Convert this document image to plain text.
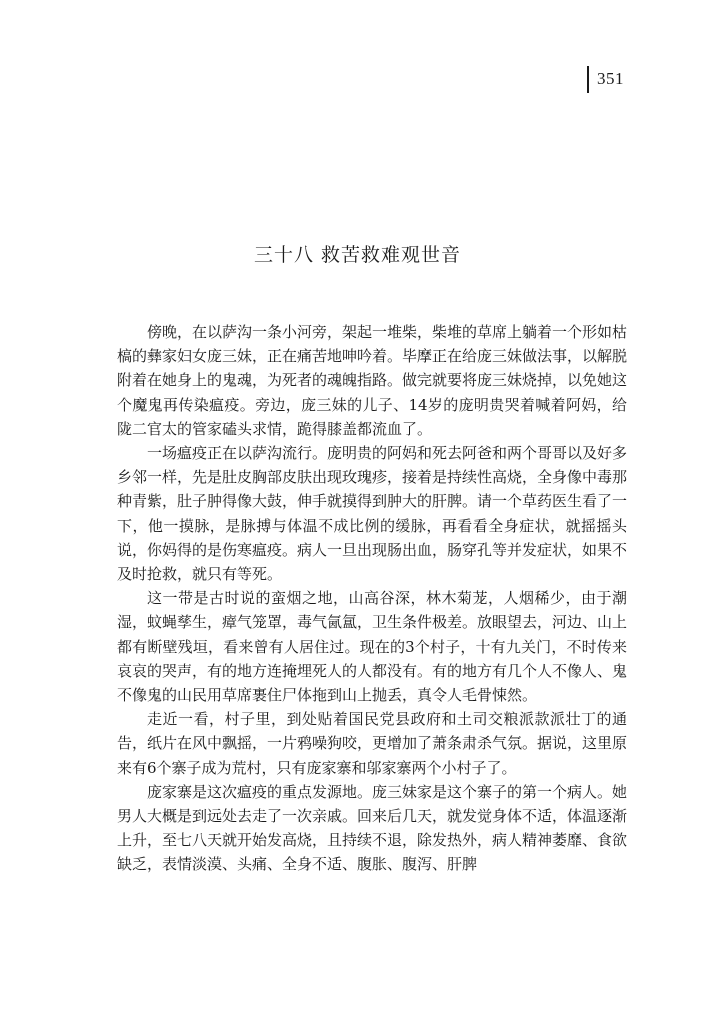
351
三十八 救苦救难观世音

傍晚，在以萨沟一条小河旁，架起一堆柴，柴堆的草席上躺着一个形如枯槁的彝家妇女庞三妹，正在痛苦地呻吟着。毕摩正在给庞三妹做法事，以解脱附着在她身上的鬼魂，为死者的魂魄指路。做完就要将庞三妹烧掉，以免她这个魔鬼再传染瘟疫。旁边，庞三妹的儿子、14岁的庞明贵哭着喊着阿妈，给陇二官太的管家磕头求情，跪得膝盖都流血了。

一场瘟疫正在以萨沟流行。庞明贵的阿妈和死去阿爸和两个哥哥以及好多乡邻一样，先是肚皮胸部皮肤出现玫瑰疹，接着是持续性高烧，全身像中毒那种青紫，肚子肿得像大鼓，伸手就摸得到肿大的肝脾。请一个草药医生看了一下，他一摸脉，是脉搏与体温不成比例的缓脉，再看看全身症状，就摇摇头说，你妈得的是伤寒瘟疫。病人一旦出现肠出血，肠穿孔等并发症状，如果不及时抢救，就只有等死。

这一带是古时说的蛮烟之地，山高谷深，林木菊茏，人烟稀少，由于潮湿，蚊蝇孳生，瘴气笼罩，毒气氤氲，卫生条件极差。放眼望去，河边、山上都有断壁残垣，看来曾有人居住过。现在的3个村子，十有九关门，不时传来哀哀的哭声，有的地方连掩埋死人的人都没有。有的地方有几个人不像人、鬼不像鬼的山民用草席裹住尸体拖到山上抛丢，真令人毛骨悚然。

走近一看，村子里，到处贴着国民党县政府和土司交粮派款派壮丁的通告，纸片在风中飘摇，一片鸦噪狗咬，更增加了萧条肃杀气氛。据说，这里原来有6个寨子成为荒村，只有庞家寨和邬家寨两个小村子了。

庞家寨是这次瘟疫的重点发源地。庞三妹家是这个寨子的第一个病人。她男人大概是到远处去走了一次亲戚。回来后几天，就发觉身体不适，体温逐渐上升，至七八天就开始发高烧，且持续不退，除发热外，病人精神萎靡、食欲缺乏，表情淡漠、头痛、全身不适、腹胀、腹泻、肝脾
